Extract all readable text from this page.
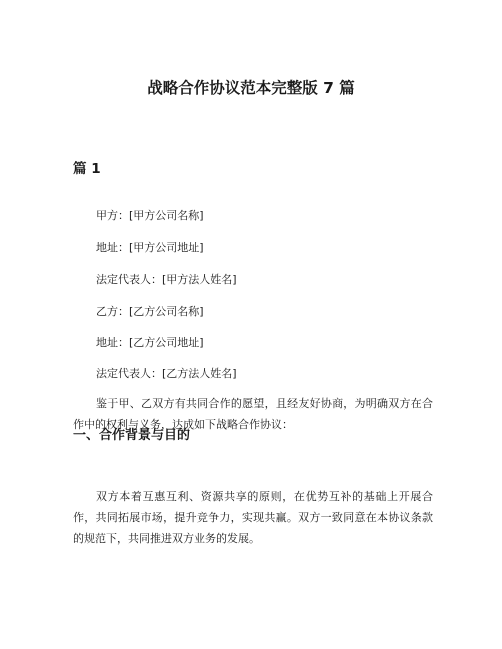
战略合作协议范本完整版 7 篇
篇 1

甲方：[甲方公司名称]

地址：[甲方公司地址]

法定代表人：[甲方法人姓名]

乙方：[乙方公司名称]

地址：[乙方公司地址]

法定代表人：[乙方法人姓名]

鉴于甲、乙双方有共同合作的愿望，且经友好协商，为明确双方在合作中的权利与义务，达成如下战略合作协议：

一、合作背景与目的

双方本着互惠互利、资源共享的原则，在优势互补的基础上开展合作，共同拓展市场，提升竞争力，实现共赢。双方一致同意在本协议条款的规范下，共同推进双方业务的发展。
